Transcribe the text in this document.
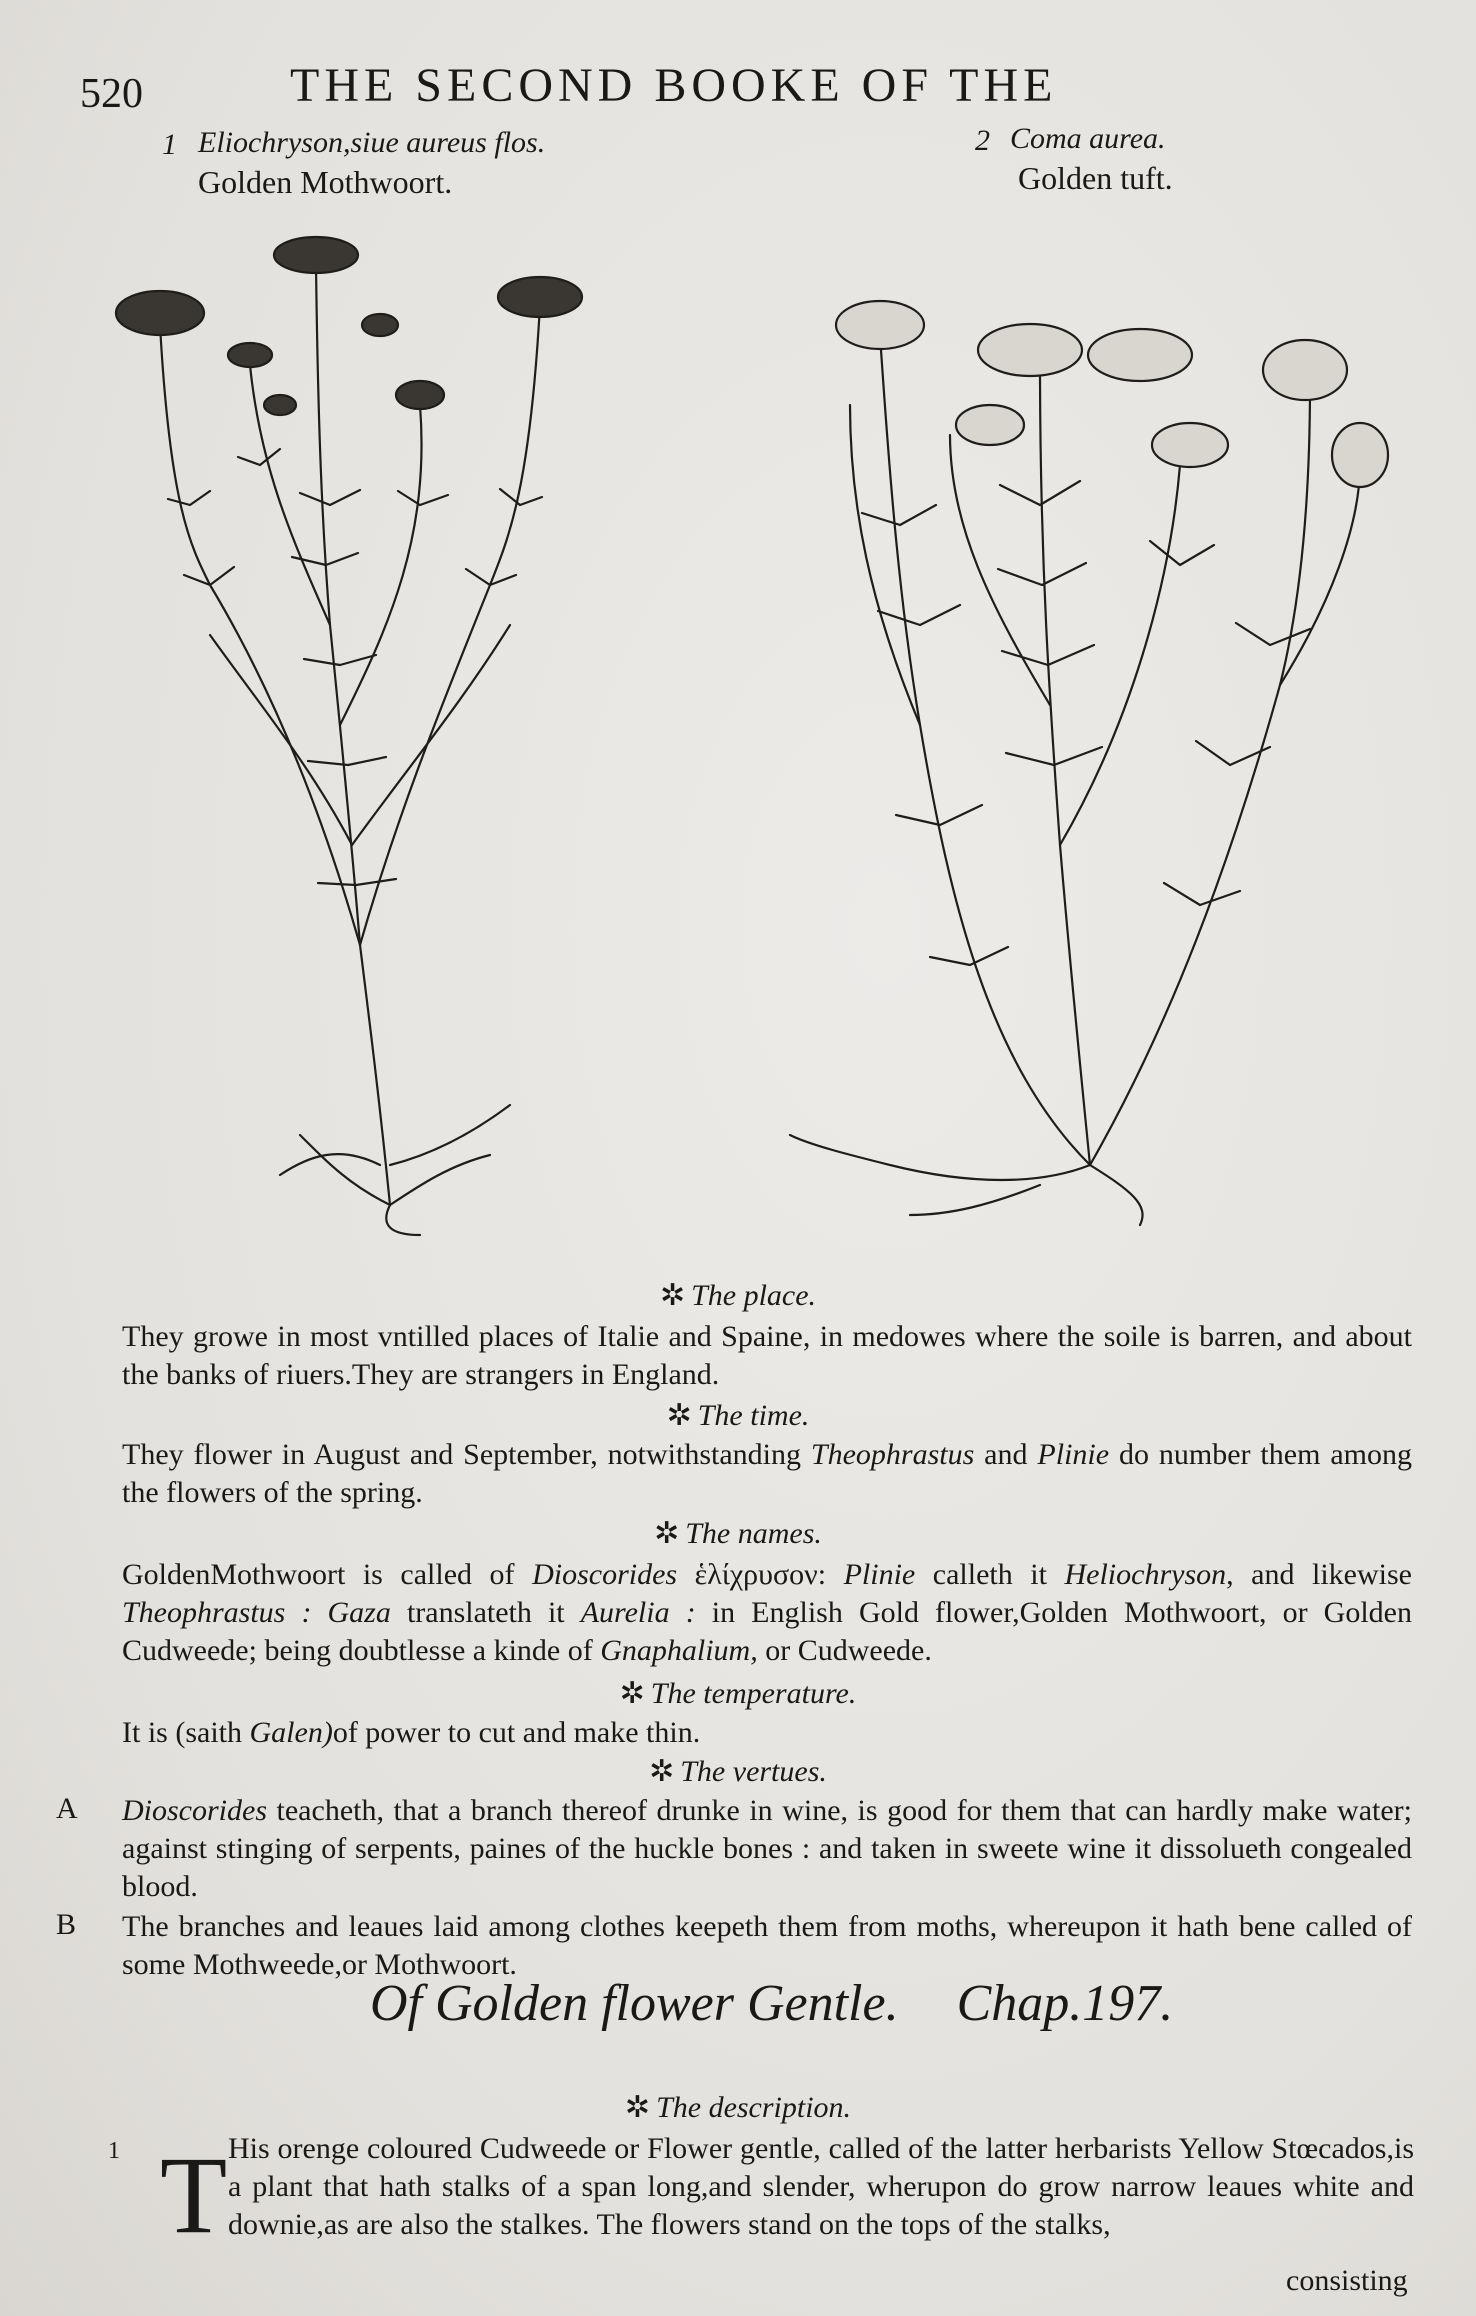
520	THE SECOND BOOKE OF THE
1 Eliochryson,siue aureus flos.
Golden Mothwoort.
2 Coma aurea.
Golden tuft.
✲ The place.
They growe in most vntilled places of Italie and Spaine, in medowes where the soile is barren, and about the banks of riuers.They are strangers in England.
✲ The time.
They flower in August and September, notwithstanding Theophrastus and Plinie do number them among the flowers of the spring.
✲ The names.
GoldenMothwoort is called of Dioscorides ἑλίχρυσον: Plinie calleth it Heliochryson, and likewise Theophrastus : Gaza translateth it Aurelia : in English Gold flower,Golden Mothwoort, or Golden Cudweede; being doubtlesse a kinde of Gnaphalium, or Cudweede.
✲ The temperature.
It is (saith Galen)of power to cut and make thin.
✲ The vertues.
A Dioscorides teacheth, that a branch thereof drunke in wine, is good for them that can hardly make water; against stinging of serpents, paines of the huckle bones : and taken in sweete wine it dissolueth congealed blood.
B The branches and leaues laid among clothes keepeth them from moths, whereupon it hath bene called of some Mothweede,or Mothwoort.
Of Golden flower Gentle. Chap.197.
✲ The description.
1 T His orenge coloured Cudweede or Flower gentle, called of the latter herbarists Yellow Stœcados,is a plant that hath stalks of a span long,and slender, wherupon do grow narrow leaues white and downie,as are also the stalkes. The flowers stand on the tops of the stalks,
consisting
